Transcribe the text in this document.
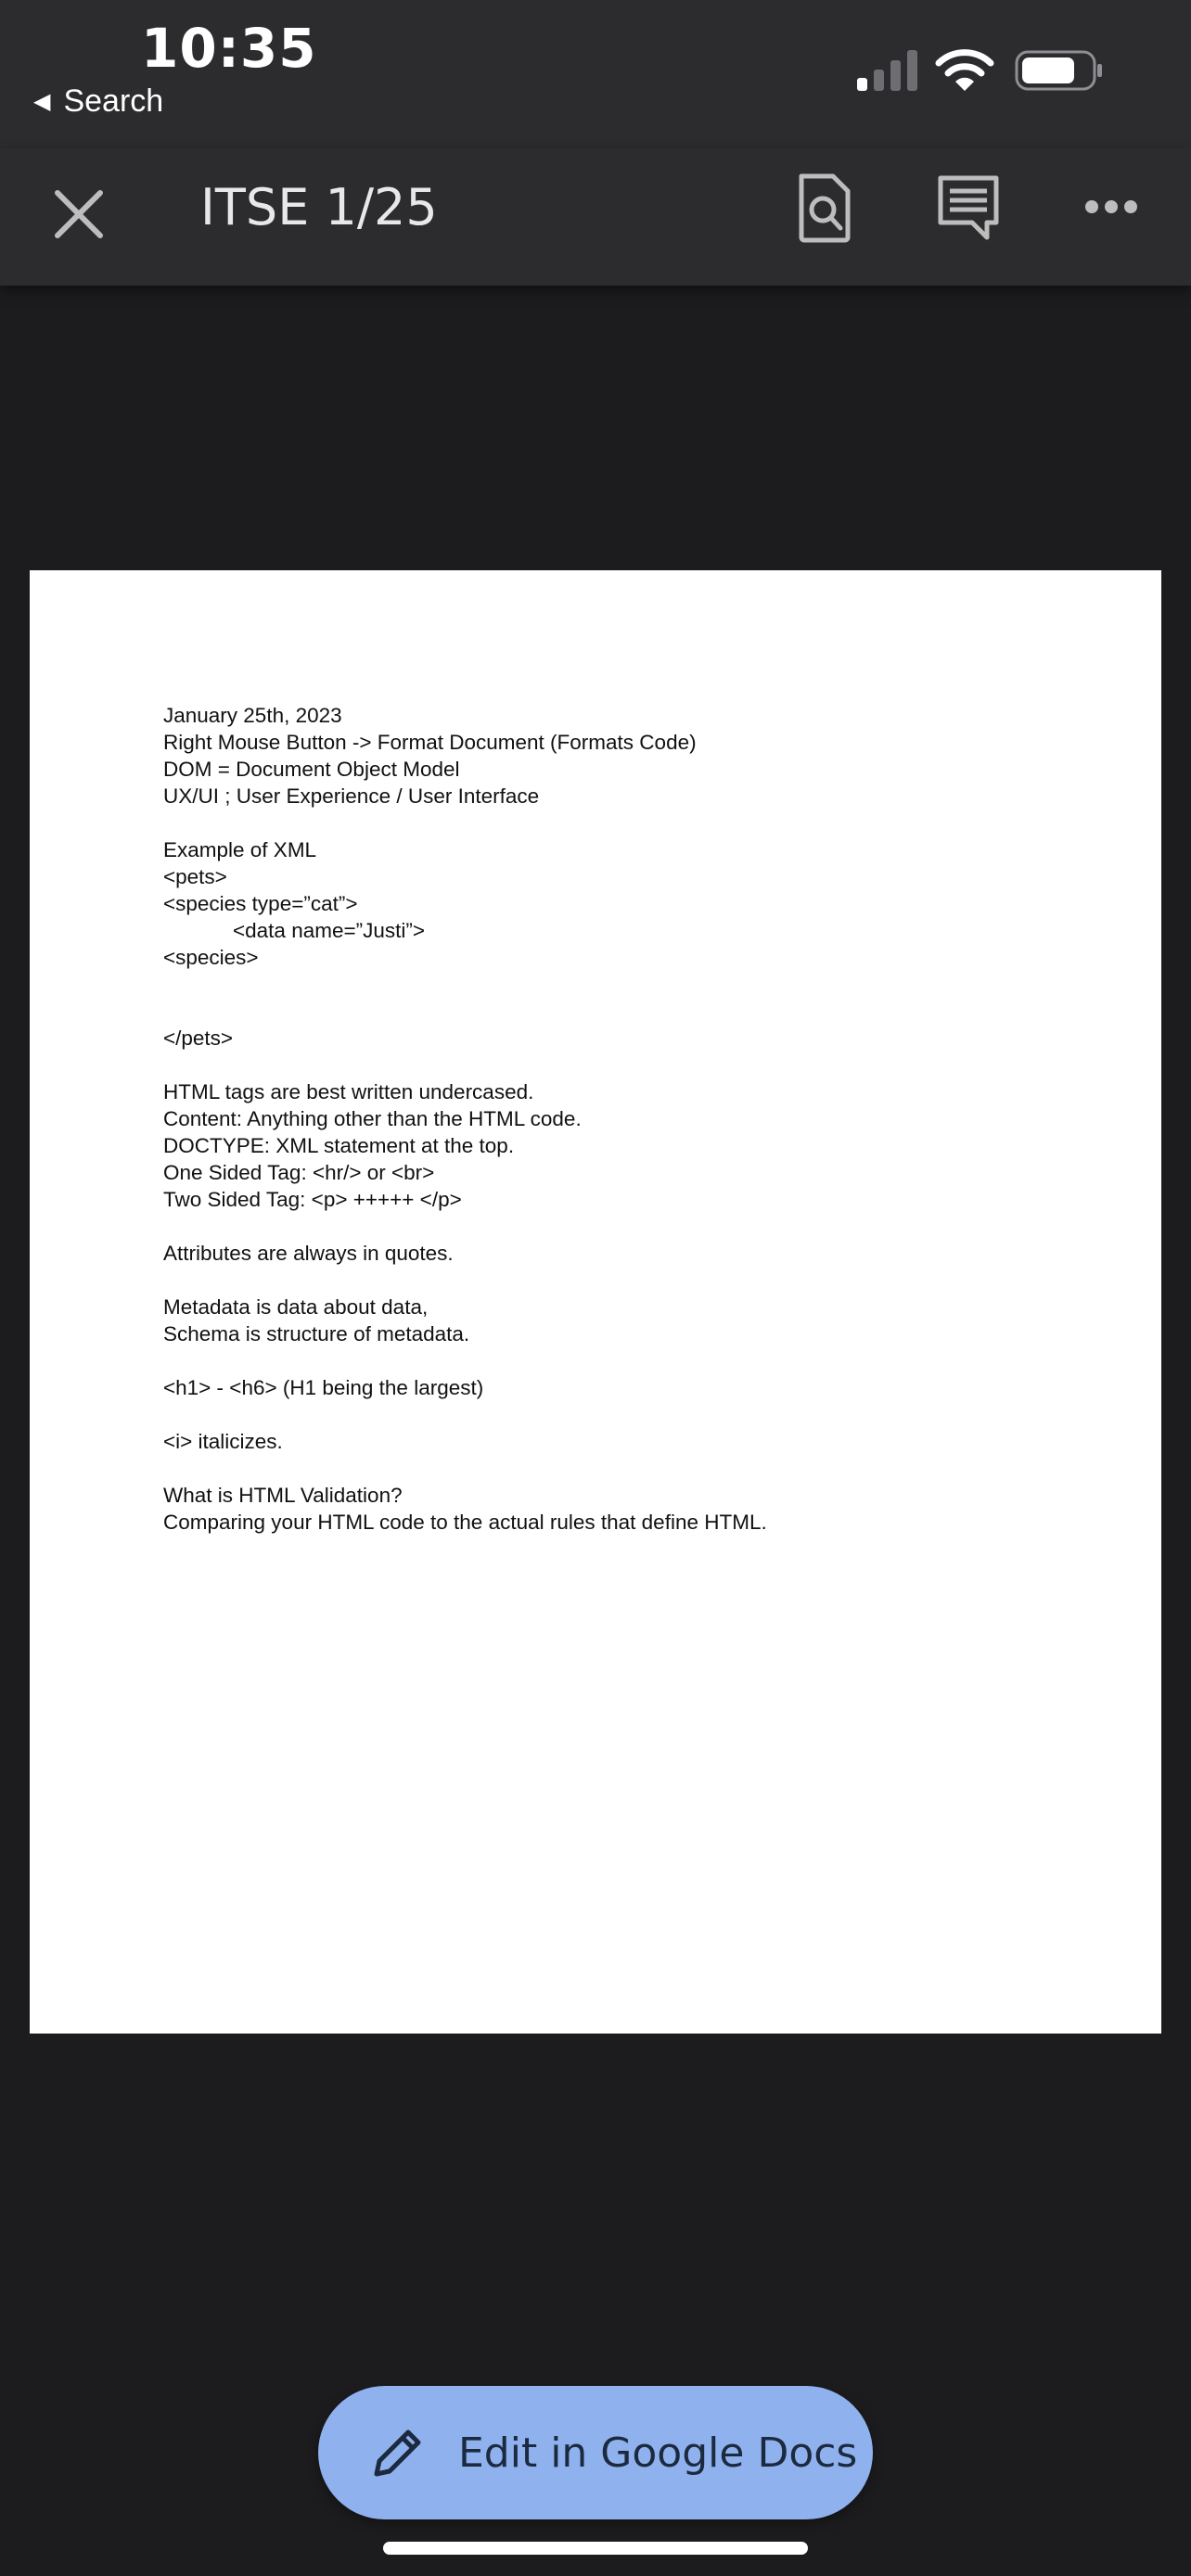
10:35
◀ Search
ITSE 1/25
January 25th, 2023
Right Mouse Button -> Format Document (Formats Code)
DOM = Document Object Model
UX/UI ; User Experience / User Interface
Example of XML
<pets>
<species type=”cat”>
<data name=”Justi”>
<species>
</pets>
HTML tags are best written undercased.
Content: Anything other than the HTML code.
DOCTYPE: XML statement at the top.
One Sided Tag: <hr/> or <br>
Two Sided Tag: <p> +++++ </p>
Attributes are always in quotes.
Metadata is data about data,
Schema is structure of metadata.
<h1> - <h6> (H1 being the largest)
<i> italicizes.
What is HTML Validation?
Comparing your HTML code to the actual rules that define HTML.
Edit in Google Docs
